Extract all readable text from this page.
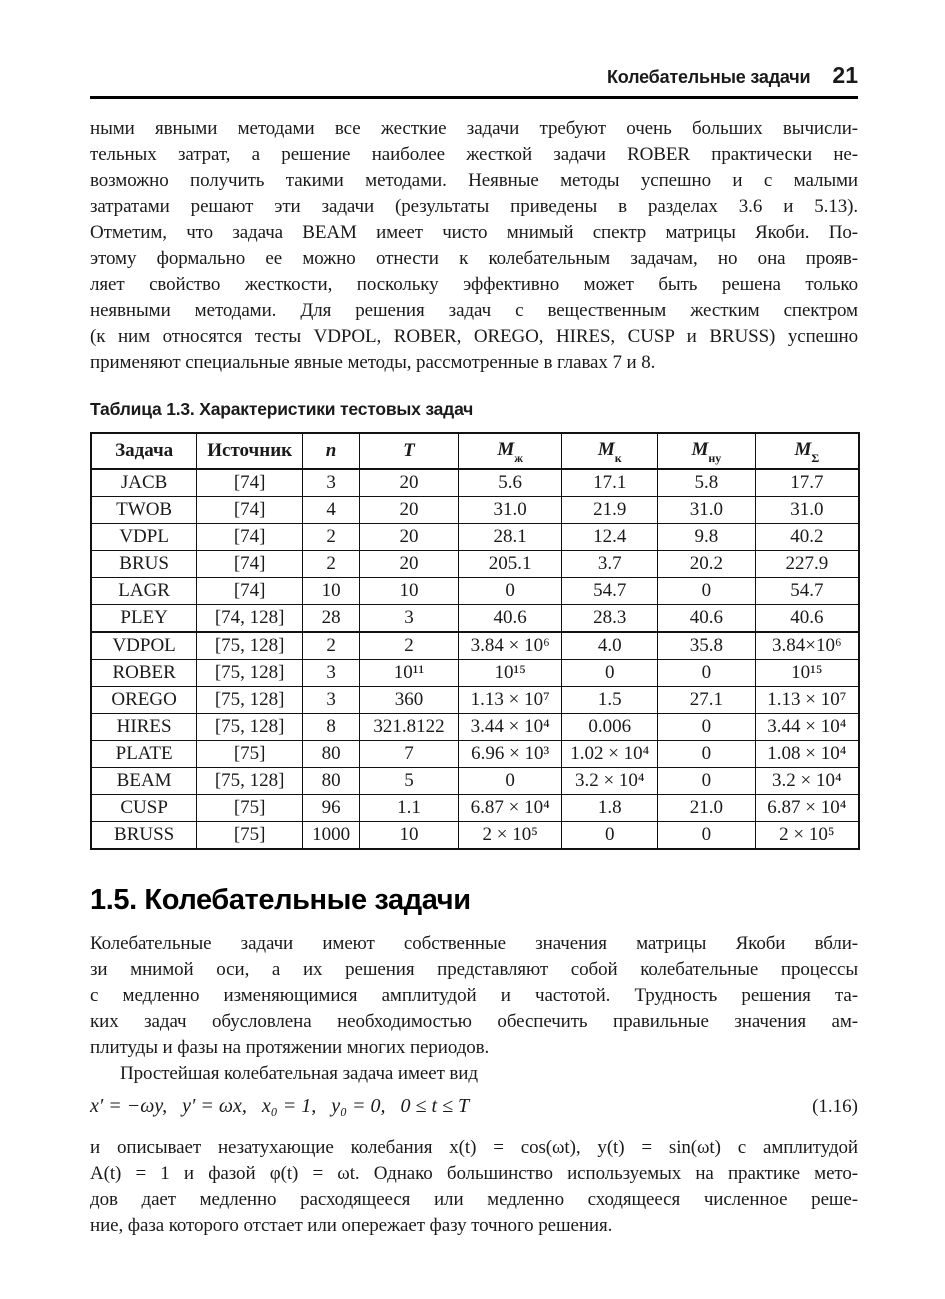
Колебательные задачи 21
ными явными методами все жесткие задачи требуют очень больших вычисли-
тельных затрат, а решение наиболее жесткой задачи ROBER практически не-
возможно получить такими методами. Неявные методы успешно и с малыми
затратами решают эти задачи (результаты приведены в разделах 3.6 и 5.13).
Отметим, что задача BEAM имеет чисто мнимый спектр матрицы Якоби. По-
этому формально ее можно отнести к колебательным задачам, но она прояв-
ляет свойство жесткости, поскольку эффективно может быть решена только
неявными методами. Для решения задач с вещественным жестким спектром
(к ним относятся тесты VDPOL, ROBER, OREGO, HIRES, CUSP и BRUSS) успешно
применяют специальные явные методы, рассмотренные в главах 7 и 8.
Таблица 1.3. Характеристики тестовых задач
Задача	Источник	n	T	$M_ж$	$M_к$	$M_{ну}$	$M_\Sigma$
JACB	[74]	3	20	5.6	17.1	5.8	17.7
TWOB	[74]	4	20	31.0	21.9	31.0	31.0
VDPL	[74]	2	20	28.1	12.4	9.8	40.2
BRUS	[74]	2	20	205.1	3.7	20.2	227.9
LAGR	[74]	10	10	0	54.7	0	54.7
PLEY	[74, 128]	28	3	40.6	28.3	40.6	40.6
VDPOL	[75, 128]	2	2	3.84 × 10⁶	4.0	35.8	3.84×10⁶
ROBER	[75, 128]	3	10¹¹	10¹⁵	0	0	10¹⁵
OREGO	[75, 128]	3	360	1.13 × 10⁷	1.5	27.1	1.13 × 10⁷
HIRES	[75, 128]	8	321.8122	3.44 × 10⁴	0.006	0	3.44 × 10⁴
PLATE	[75]	80	7	6.96 × 10³	1.02 × 10⁴	0	1.08 × 10⁴
BEAM	[75, 128]	80	5	0	3.2 × 10⁴	0	3.2 × 10⁴
CUSP	[75]	96	1.1	6.87 × 10⁴	1.8	21.0	6.87 × 10⁴
BRUSS	[75]	1000	10	2 × 10⁵	0	0	2 × 10⁵
1.5. Колебательные задачи
Колебательные задачи имеют собственные значения матрицы Якоби вбли-
зи мнимой оси, а их решения представляют собой колебательные процессы
с медленно изменяющимися амплитудой и частотой. Трудность решения та-
ких задач обусловлена необходимостью обеспечить правильные значения ам-
плитуды и фазы на протяжении многих периодов.
Простейшая колебательная задача имеет вид
x′ = −ωy,   y′ = ωx,   x₀ = 1,   y₀ = 0,   0 ≤ t ≤ T	(1.16)
и описывает незатухающие колебания x(t) = cos(ωt), y(t) = sin(ωt) с амплитудой
A(t) = 1 и фазой φ(t) = ωt. Однако большинство используемых на практике мето-
дов дает медленно расходящееся или медленно сходящееся численное реше-
ние, фаза которого отстает или опережает фазу точного решения.
